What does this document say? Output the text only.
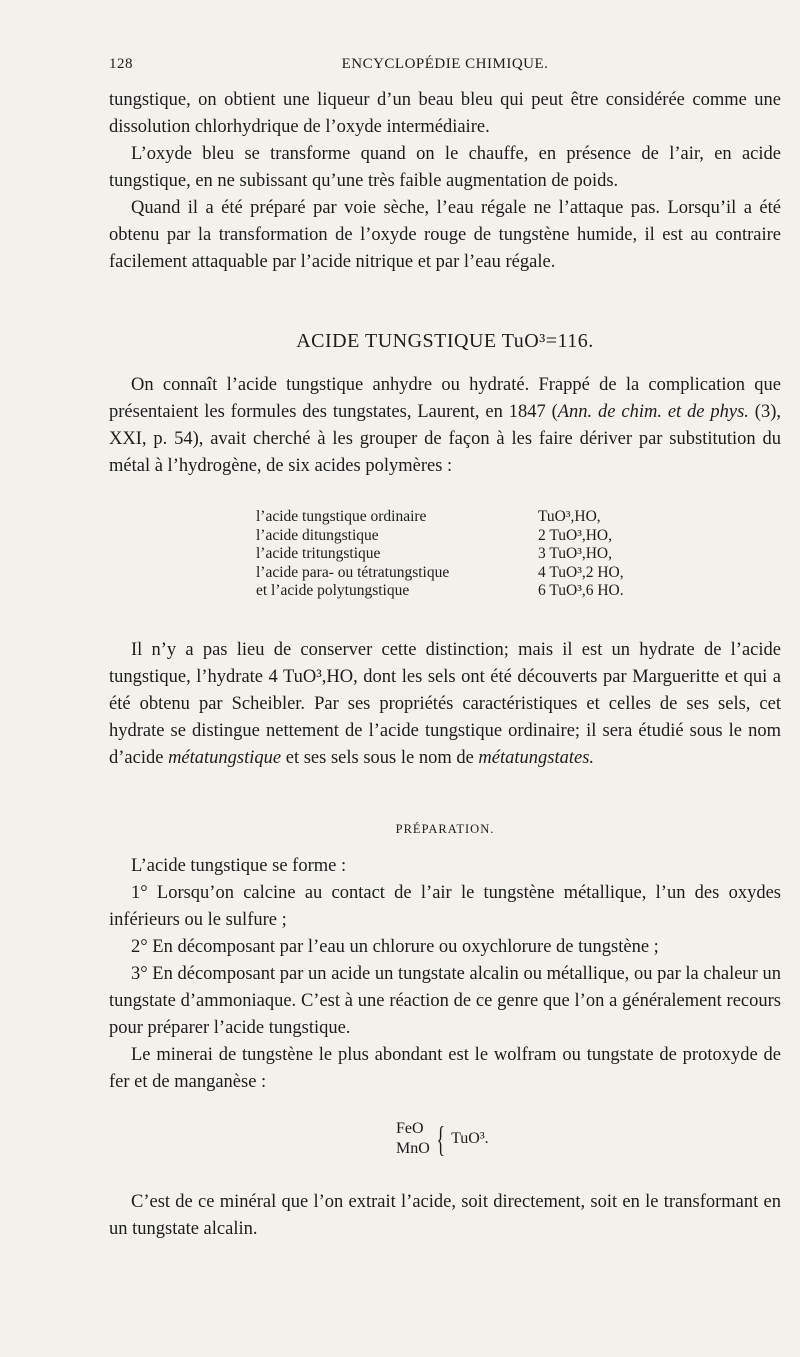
128	ENCYCLOPÉDIE CHIMIQUE.

tungstique, on obtient une liqueur d’un beau bleu qui peut être considérée comme une dissolution chlorhydrique de l’oxyde intermédiaire.

L’oxyde bleu se transforme quand on le chauffe, en présence de l’air, en acide tungstique, en ne subissant qu’une très faible augmentation de poids.

Quand il a été préparé par voie sèche, l’eau régale ne l’attaque pas. Lorsqu’il a été obtenu par la transformation de l’oxyde rouge de tungstène humide, il est au contraire facilement attaquable par l’acide nitrique et par l’eau régale.

ACIDE TUNGSTIQUE TuO³=116.

On connaît l’acide tungstique anhydre ou hydraté. Frappé de la complication que présentaient les formules des tungstates, Laurent, en 1847 (Ann. de chim. et de phys. (3), XXI, p. 54), avait cherché à les grouper de façon à les faire dériver par substitution du métal à l’hydrogène, de six acides polymères :

l’acide tungstique ordinaire	TuO³,HO,
l’acide ditungstique	2 TuO³,HO,
l’acide tritungstique	3 TuO³,HO,
l’acide para- ou tétratungstique	4 TuO³,2 HO,
et l’acide polytungstique	6 TuO³,6 HO.

Il n’y a pas lieu de conserver cette distinction; mais il est un hydrate de l’acide tungstique, l’hydrate 4 TuO³,HO, dont les sels ont été découverts par Margueritte et qui a été obtenu par Scheibler. Par ses propriétés caractéristiques et celles de ses sels, cet hydrate se distingue nettement de l’acide tungstique ordinaire; il sera étudié sous le nom d’acide métatungstique et ses sels sous le nom de métatungstates.

PRÉPARATION.

L’acide tungstique se forme :

1° Lorsqu’on calcine au contact de l’air le tungstène métallique, l’un des oxydes inférieurs ou le sulfure ;

2° En décomposant par l’eau un chlorure ou oxychlorure de tungstène ;

3° En décomposant par un acide un tungstate alcalin ou métallique, ou par la chaleur un tungstate d’ammoniaque. C’est à une réaction de ce genre que l’on a généralement recours pour préparer l’acide tungstique.

Le minerai de tungstène le plus abondant est le wolfram ou tungstate de protoxyde de fer et de manganèse :

FeO
MnO { TuO³.

C’est de ce minéral que l’on extrait l’acide, soit directement, soit en le transformant en un tungstate alcalin.
